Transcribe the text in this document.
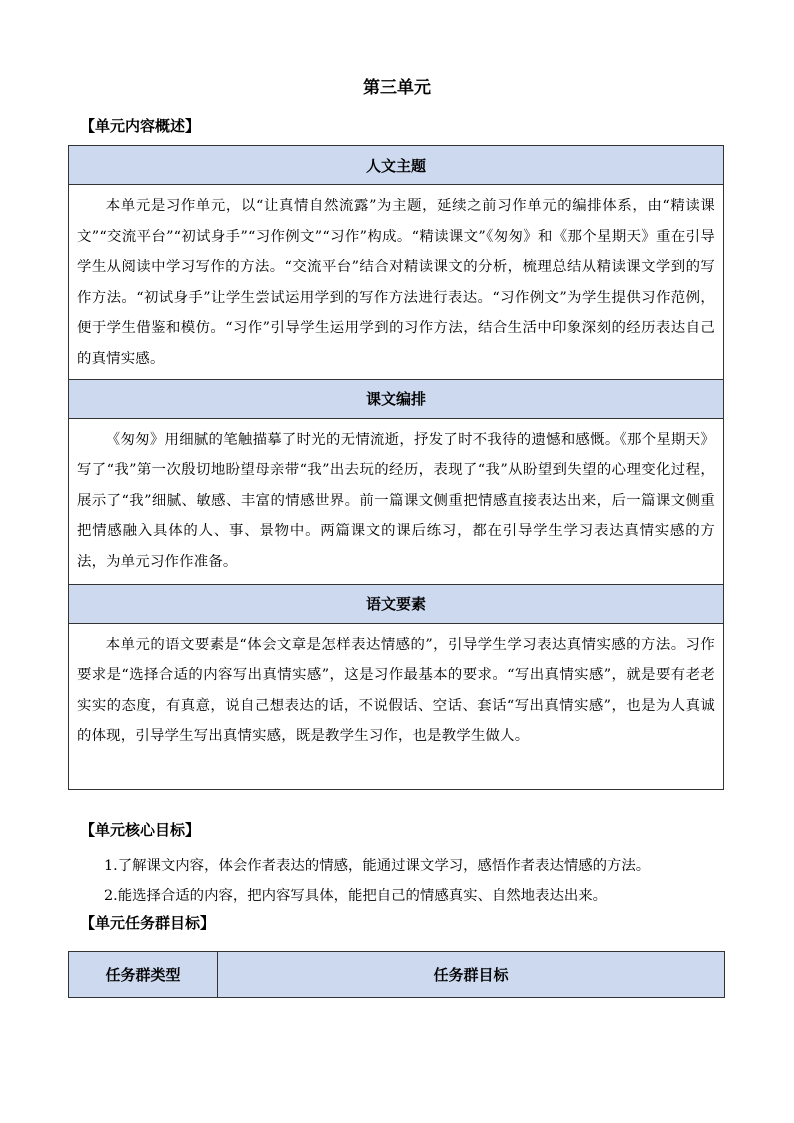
第三单元
【单元内容概述】
人文主题
本单元是习作单元，以“让真情自然流露”为主题，延续之前习作单元的编排体系，由“精读课文”“交流平台”“初试身手”“习作例文”“习作”构成。“精读课文”《匆匆》和《那个星期天》重在引导学生从阅读中学习写作的方法。“交流平台”结合对精读课文的分析，梳理总结从精读课文学到的写作方法。“初试身手”让学生尝试运用学到的写作方法进行表达。“习作例文”为学生提供习作范例，便于学生借鉴和模仿。“习作”引导学生运用学到的习作方法，结合生活中印象深刻的经历表达自己的真情实感。
课文编排
《匆匆》用细腻的笔触描摹了时光的无情流逝，抒发了时不我待的遗憾和感慨。《那个星期天》写了“我”第一次殷切地盼望母亲带“我”出去玩的经历，表现了“我”从盼望到失望的心理变化过程，展示了“我”细腻、敏感、丰富的情感世界。前一篇课文侧重把情感直接表达出来，后一篇课文侧重把情感融入具体的人、事、景物中。两篇课文的课后练习，都在引导学生学习表达真情实感的方法，为单元习作作准备。
语文要素
本单元的语文要素是“体会文章是怎样表达情感的”，引导学生学习表达真情实感的方法。习作要求是“选择合适的内容写出真情实感”，这是习作最基本的要求。“写出真情实感”，就是要有老老实实的态度，有真意，说自己想表达的话，不说假话、空话、套话“写出真情实感”，也是为人真诚的体现，引导学生写出真情实感，既是教学生习作，也是教学生做人。
【单元核心目标】
1.了解课文内容，体会作者表达的情感，能通过课文学习，感悟作者表达情感的方法。
2.能选择合适的内容，把内容写具体，能把自己的情感真实、自然地表达出来。
【单元任务群目标】
任务群类型	任务群目标
